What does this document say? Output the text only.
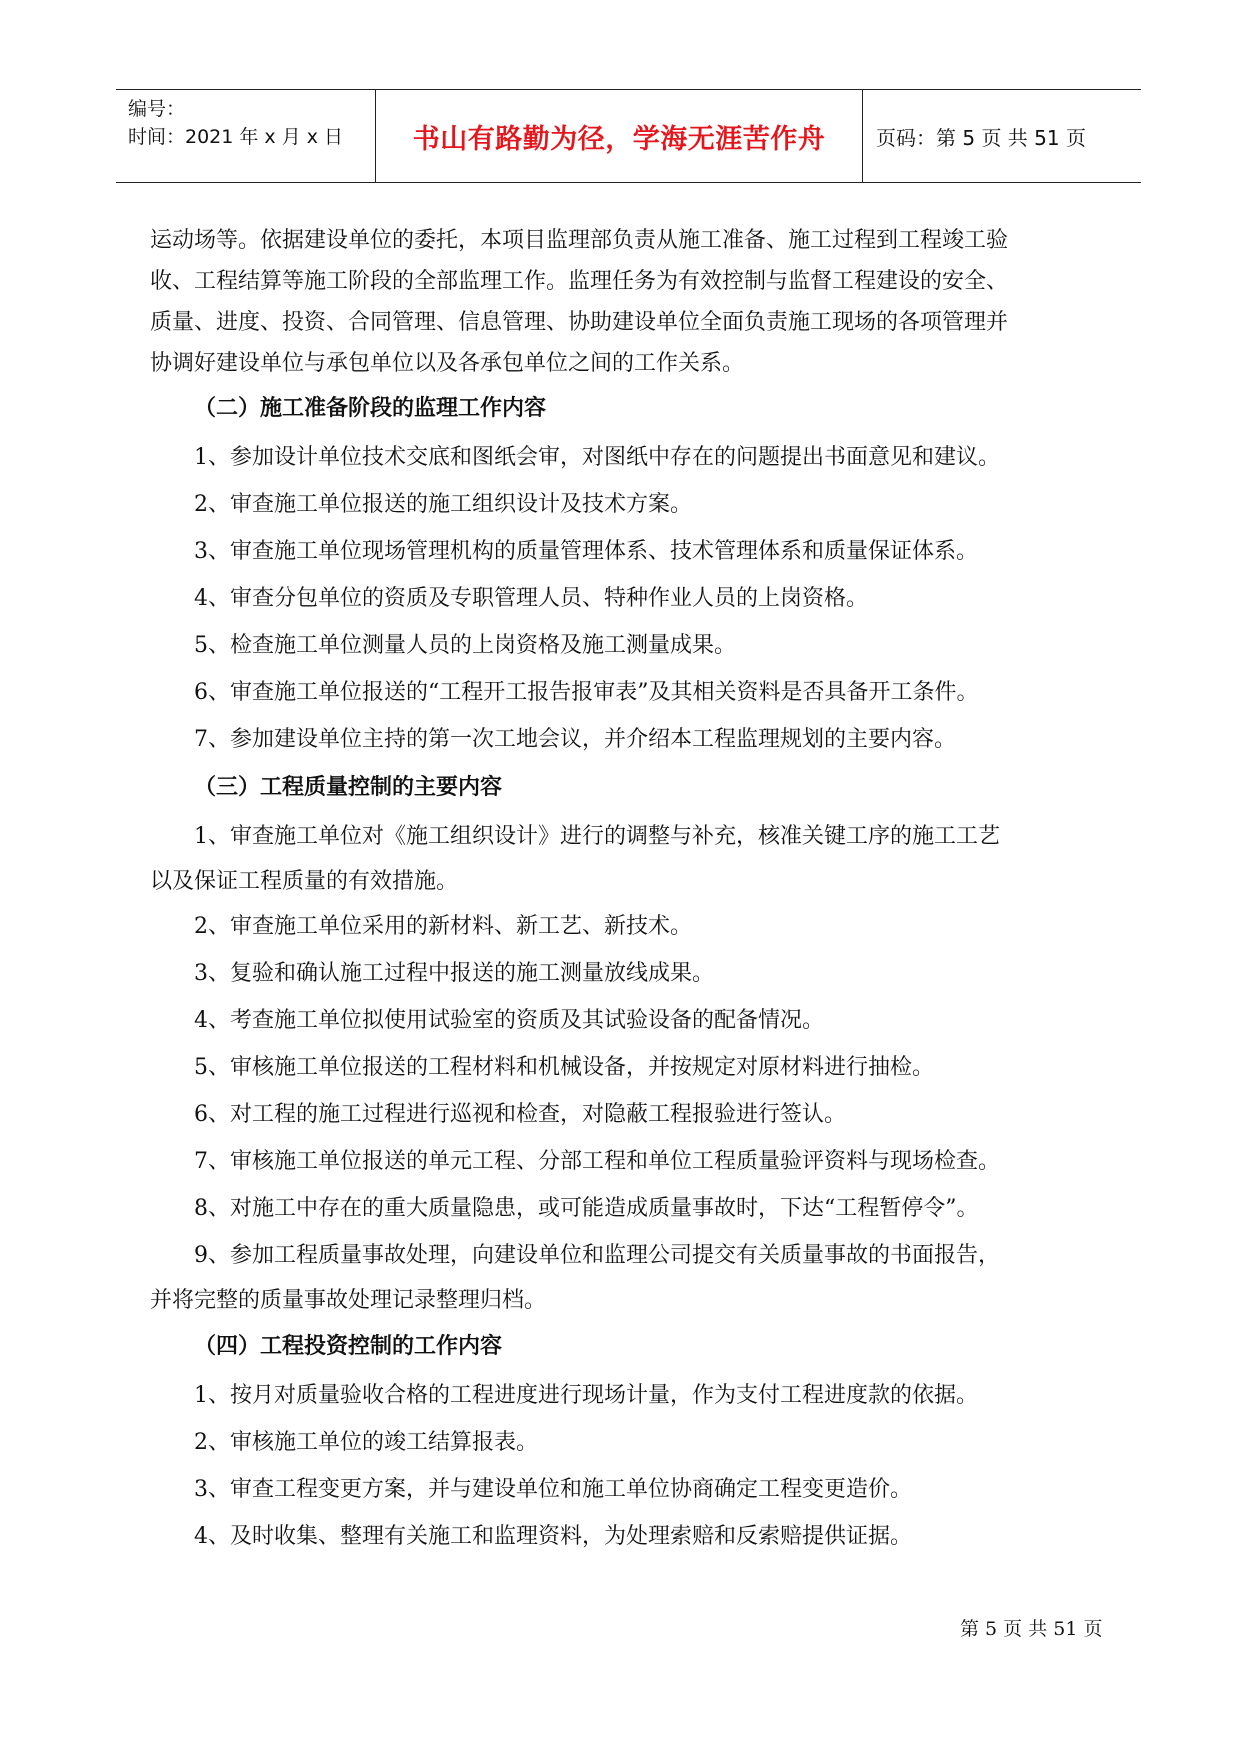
编号：
时间：2021 年 x 月 x 日	书山有路勤为径，学海无涯苦作舟	页码：第 5 页 共 51 页

运动场等。依据建设单位的委托，本项目监理部负责从施工准备、施工过程到工程竣工验

收、工程结算等施工阶段的全部监理工作。监理任务为有效控制与监督工程建设的安全、

质量、进度、投资、合同管理、信息管理、协助建设单位全面负责施工现场的各项管理并

协调好建设单位与承包单位以及各承包单位之间的工作关系。

（二）施工准备阶段的监理工作内容

1、参加设计单位技术交底和图纸会审，对图纸中存在的问题提出书面意见和建议。

2、审查施工单位报送的施工组织设计及技术方案。

3、审查施工单位现场管理机构的质量管理体系、技术管理体系和质量保证体系。

4、审查分包单位的资质及专职管理人员、特种作业人员的上岗资格。

5、检查施工单位测量人员的上岗资格及施工测量成果。

6、审查施工单位报送的“工程开工报告报审表”及其相关资料是否具备开工条件。

7、参加建设单位主持的第一次工地会议，并介绍本工程监理规划的主要内容。

（三）工程质量控制的主要内容

1、审查施工单位对《施工组织设计》进行的调整与补充，核准关键工序的施工工艺

以及保证工程质量的有效措施。

2、审查施工单位采用的新材料、新工艺、新技术。

3、复验和确认施工过程中报送的施工测量放线成果。

4、考查施工单位拟使用试验室的资质及其试验设备的配备情况。

5、审核施工单位报送的工程材料和机械设备，并按规定对原材料进行抽检。

6、对工程的施工过程进行巡视和检查，对隐蔽工程报验进行签认。

7、审核施工单位报送的单元工程、分部工程和单位工程质量验评资料与现场检查。

8、对施工中存在的重大质量隐患，或可能造成质量事故时，下达“工程暂停令”。

9、参加工程质量事故处理，向建设单位和监理公司提交有关质量事故的书面报告，

并将完整的质量事故处理记录整理归档。

（四）工程投资控制的工作内容

1、按月对质量验收合格的工程进度进行现场计量，作为支付工程进度款的依据。

2、审核施工单位的竣工结算报表。

3、审查工程变更方案，并与建设单位和施工单位协商确定工程变更造价。

4、及时收集、整理有关施工和监理资料，为处理索赔和反索赔提供证据。

第 5 页 共 51 页
